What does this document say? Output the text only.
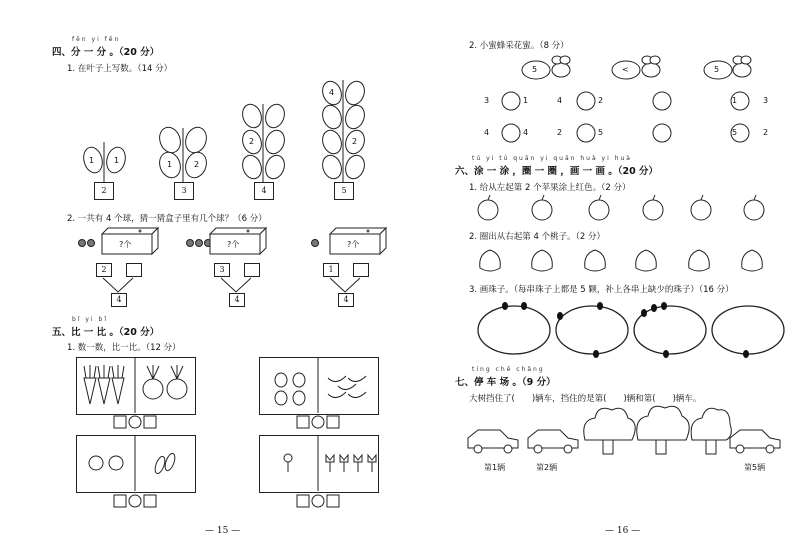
fēn yi fēn
四、分 一 分 。（20 分）
1. 在叶子上写数。（14 分）
1 1	1	2
2
4
2
2	3	4	5
2. 一共有 4 个球，猜一猜盒子里有几个球？（6 分）
?个	?个	?个
2
4
3
4
1
4
bǐ yi bǐ
五、比 一 比 。（20 分）
1. 数一数，比一比。（12 分）
— 15 —
2. 小蜜蜂采花蜜。（8 分）
5	<	5
3	1	4	2	1	3
4	4	2	5	5	2
tú yi tú quān yi quān huà yi huà
六、涂 一 涂 ，圈 一 圈 ，画 一 画 。（20 分）
1. 给从左起第 2 个苹果涂上红色。（2 分）
2. 圈出从右起第 4 个桃子。（2 分）
3. 画珠子。（每串珠子上都是 5 颗，补上各串上缺少的珠子）（16 分）
tíng chē chǎng
七、停 车 场 。（9 分）
大树挡住了(　　)辆车，挡住的是第(　　)辆和第(　　)辆车。
第1辆	第2辆	第5辆
— 16 —
